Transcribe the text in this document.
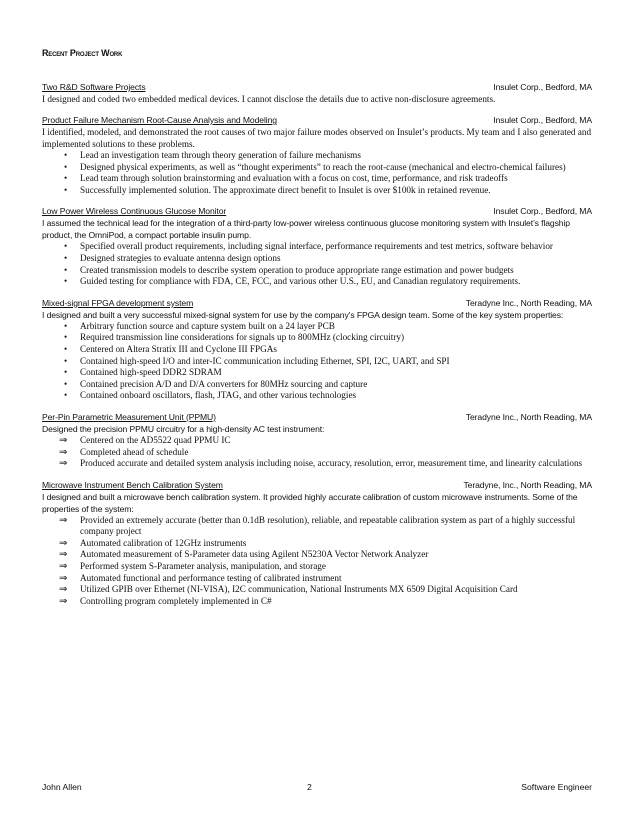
Recent Project Work
Two R&D Software Projects	Insulet Corp., Bedford, MA
I designed and coded two embedded medical devices. I cannot disclose the details due to active non-disclosure agreements.
Product Failure Mechanism Root-Cause Analysis and Modeling	Insulet Corp., Bedford, MA
I identified, modeled, and demonstrated the root causes of two major failure modes observed on Insulet’s products. My team and I also generated and implemented solutions to these problems.
• Lead an investigation team through theory generation of failure mechanisms
• Designed physical experiments, as well as “thought experiments” to reach the root-cause (mechanical and electro-chemical failures)
• Lead team through solution brainstorming and evaluation with a focus on cost, time, performance, and risk tradeoffs
• Successfully implemented solution. The approximate direct benefit to Insulet is over $100k in retained revenue.
Low Power Wireless Continuous Glucose Monitor	Insulet Corp., Bedford, MA
I assumed the technical lead for the integration of a third-party low-power wireless continuous glucose monitoring system with Insulet’s flagship product, the OmniPod, a compact portable insulin pump.
• Specified overall product requirements, including signal interface, performance requirements and test metrics, software behavior
• Designed strategies to evaluate antenna design options
• Created transmission models to describe system operation to produce appropriate range estimation and power budgets
• Guided testing for compliance with FDA, CE, FCC, and various other U.S., EU, and Canadian regulatory requirements.
Mixed-signal FPGA development system	Teradyne Inc., North Reading, MA
I designed and built a very successful mixed-signal system for use by the company’s FPGA design team. Some of the key system properties:
• Arbitrary function source and capture system built on a 24 layer PCB
• Required transmission line considerations for signals up to 800MHz (clocking circuitry)
• Centered on Altera Stratix III and Cyclone III FPGAs
• Contained high-speed I/O and inter-IC communication including Ethernet, SPI, I2C, UART, and SPI
• Contained high-speed DDR2 SDRAM
• Contained precision A/D and D/A converters for 80MHz sourcing and capture
• Contained onboard oscillators, flash, JTAG, and other various technologies
Per-Pin Parametric Measurement Unit (PPMU)	Teradyne Inc., North Reading, MA
Designed the precision PPMU circuitry for a high-density AC test instrument:
⇒ Centered on the AD5522 quad PPMU IC
⇒ Completed ahead of schedule
⇒ Produced accurate and detailed system analysis including noise, accuracy, resolution, error, measurement time, and linearity calculations
Microwave Instrument Bench Calibration System	Teradyne, Inc., North Reading, MA
I designed and built a microwave bench calibration system. It provided highly accurate calibration of custom microwave instruments. Some of the properties of the system:
⇒ Provided an extremely accurate (better than 0.1dB resolution), reliable, and repeatable calibration system as part of a highly successful company project
⇒ Automated calibration of 12GHz instruments
⇒ Automated measurement of S-Parameter data using Agilent N5230A Vector Network Analyzer
⇒ Performed system S-Parameter analysis, manipulation, and storage
⇒ Automated functional and performance testing of calibrated instrument
⇒ Utilized GPIB over Ethernet (NI-VISA), I2C communication, National Instruments MX 6509 Digital Acquisition Card
⇒ Controlling program completely implemented in C#
John Allen	2	Software Engineer
